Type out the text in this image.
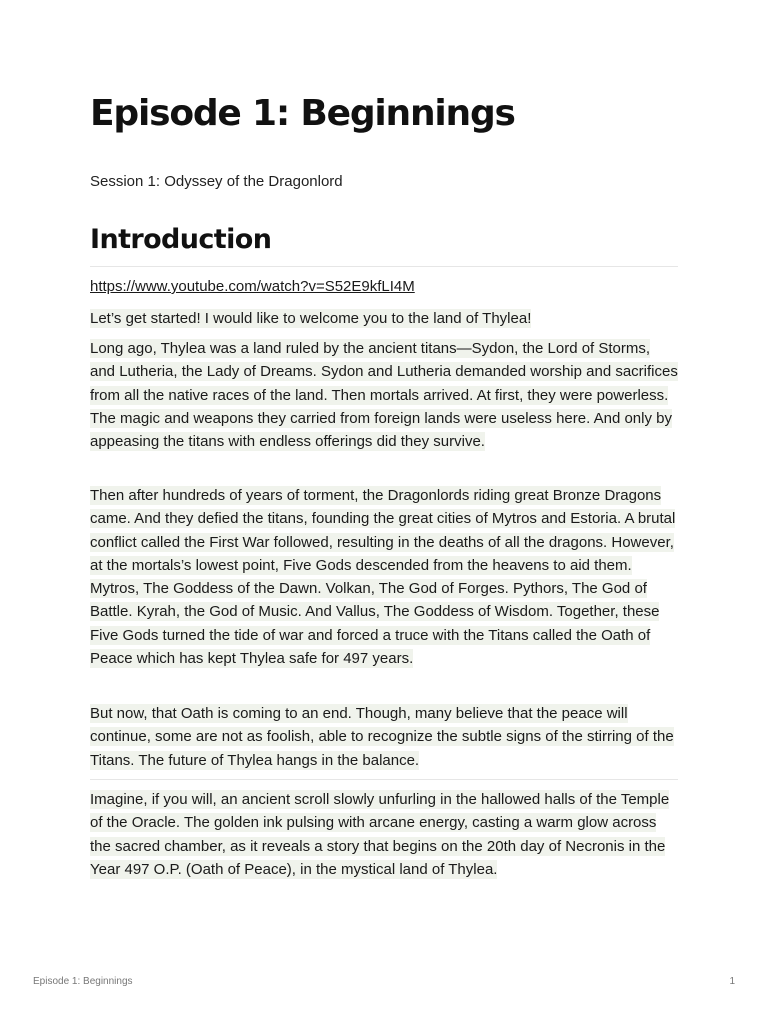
Episode 1: Beginnings

Session 1: Odyssey of the Dragonlord

Introduction
https://www.youtube.com/watch?v=S52E9kfLI4M

Let’s get started! I would like to welcome you to the land of Thylea!

Long ago, Thylea was a land ruled by the ancient titans—Sydon, the Lord of Storms, and Lutheria, the Lady of Dreams. Sydon and Lutheria demanded worship and sacrifices from all the native races of the land. Then mortals arrived. At first, they were powerless. The magic and weapons they carried from foreign lands were useless here. And only by appeasing the titans with endless offerings did they survive.

Then after hundreds of years of torment, the Dragonlords riding great Bronze Dragons came. And they defied the titans, founding the great cities of Mytros and Estoria. A brutal conflict called the First War followed, resulting in the deaths of all the dragons. However, at the mortals’s lowest point, Five Gods descended from the heavens to aid them. Mytros, The Goddess of the Dawn. Volkan, The God of Forges. Pythors, The God of Battle. Kyrah, the God of Music. And Vallus, The Goddess of Wisdom. Together, these Five Gods turned the tide of war and forced a truce with the Titans called the Oath of Peace which has kept Thylea safe for 497 years.

But now, that Oath is coming to an end. Though, many believe that the peace will continue, some are not as foolish, able to recognize the subtle signs of the stirring of the Titans. The future of Thylea hangs in the balance.

Imagine, if you will, an ancient scroll slowly unfurling in the hallowed halls of the Temple of the Oracle. The golden ink pulsing with arcane energy, casting a warm glow across the sacred chamber, as it reveals a story that begins on the 20th day of Necronis in the Year 497 O.P. (Oath of Peace), in the mystical land of Thylea.

Episode 1: Beginnings	1
